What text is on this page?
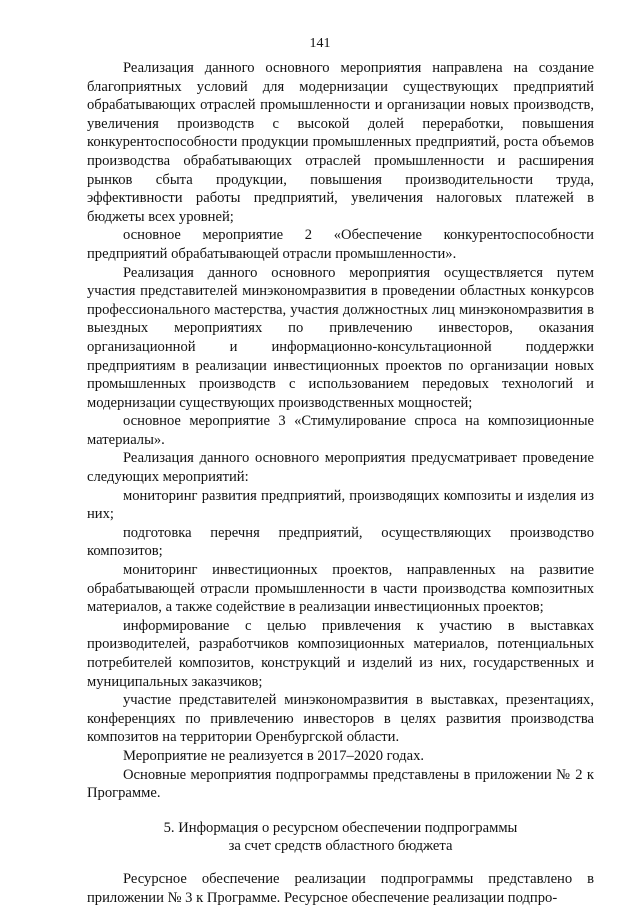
141

Реализация данного основного мероприятия направлена на создание благоприятных условий для модернизации существующих предприятий обрабатывающих отраслей промышленности и организации новых производств, увеличения производств с высокой долей переработки, повышения конкурентоспособности продукции промышленных предприятий, роста объемов производства обрабатывающих отраслей промышленности и расширения рынков сбыта продукции, повышения производительности труда, эффективности работы предприятий, увеличения налоговых платежей в бюджеты всех уровней;

основное мероприятие 2 «Обеспечение конкурентоспособности предприятий обрабатывающей отрасли промышленности».

Реализация данного основного мероприятия осуществляется путем участия представителей минэкономразвития в проведении областных конкурсов профессионального мастерства, участия должностных лиц минэкономразвития в выездных мероприятиях по привлечению инвесторов, оказания организационной и информационно-консультационной поддержки предприятиям в реализации инвестиционных проектов по организации новых промышленных производств с использованием передовых технологий и модернизации существующих производственных мощностей;

основное мероприятие 3 «Стимулирование спроса на композиционные материалы».

Реализация данного основного мероприятия предусматривает проведение следующих мероприятий:

мониторинг развития предприятий, производящих композиты и изделия из них;

подготовка перечня предприятий, осуществляющих производство композитов;

мониторинг инвестиционных проектов, направленных на развитие обрабатывающей отрасли промышленности в части производства композитных материалов, а также содействие в реализации инвестиционных проектов;

информирование с целью привлечения к участию в выставках производителей, разработчиков композиционных материалов, потенциальных потребителей композитов, конструкций и изделий из них, государственных и муниципальных заказчиков;

участие представителей минэкономразвития в выставках, презентациях, конференциях по привлечению инвесторов в целях развития производства композитов на территории Оренбургской области.

Мероприятие не реализуется в 2017–2020 годах.

Основные мероприятия подпрограммы представлены в приложении № 2 к Программе.

5. Информация о ресурсном обеспечении подпрограммы
за счет средств областного бюджета

Ресурсное обеспечение реализации подпрограммы представлено в приложении № 3 к Программе. Ресурсное обеспечение реализации подпро-
